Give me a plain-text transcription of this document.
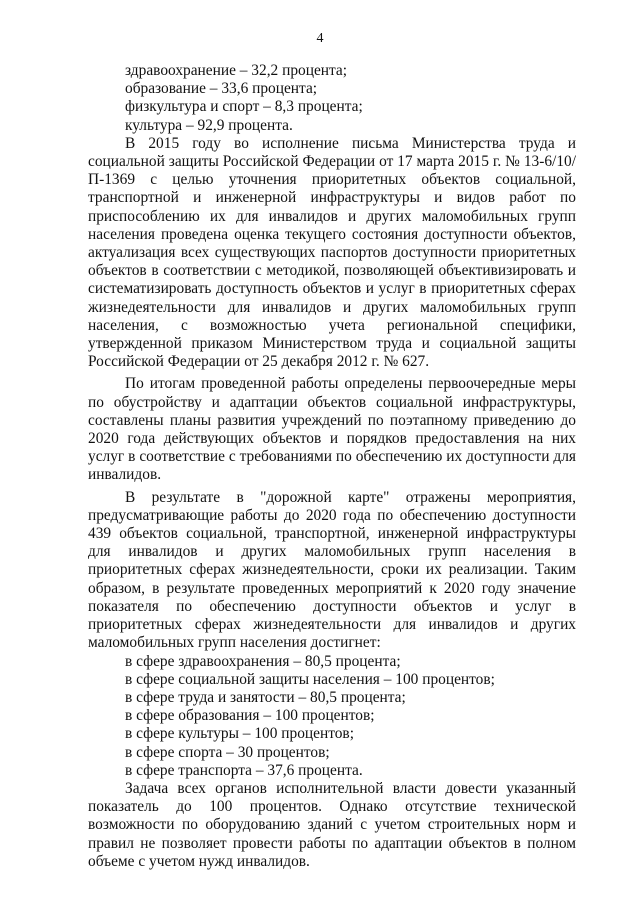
4
здравоохранение – 32,2 процента;
образование – 33,6 процента;
физкультура и спорт – 8,3 процента;
культура – 92,9 процента.

В 2015 году во исполнение письма Министерства труда и социальной защиты Российской Федерации от 17 марта 2015 г. № 13-6/10/П-1369 с целью уточнения приоритетных объектов социальной, транспортной и инженерной инфраструктуры и видов работ по приспособлению их для инвалидов и других маломобильных групп населения проведена оценка текущего состояния доступности объектов, актуализация всех существующих паспортов доступности приоритетных объектов в соответствии с методикой, позволяющей объективизировать и систематизировать доступность объектов и услуг в приоритетных сферах жизнедеятельности для инвалидов и других маломобильных групп населения, с возможностью учета региональной специфики, утвержденной приказом Министерством труда и социальной защиты Российской Федерации от 25 декабря 2012 г. № 627.

По итогам проведенной работы определены первоочередные меры по обустройству и адаптации объектов социальной инфраструктуры, составлены планы развития учреждений по поэтапному приведению до 2020 года действующих объектов и порядков предоставления на них услуг в соответствие с требованиями по обеспечению их доступности для инвалидов.

В результате в "дорожной карте" отражены мероприятия, предусматривающие работы до 2020 года по обеспечению доступности 439 объектов социальной, транспортной, инженерной инфраструктуры для инвалидов и других маломобильных групп населения в приоритетных сферах жизнедеятельности, сроки их реализации. Таким образом, в результате проведенных мероприятий к 2020 году значение показателя по обеспечению доступности объектов и услуг в приоритетных сферах жизнедеятельности для инвалидов и других маломобильных групп населения достигнет:

в сфере здравоохранения – 80,5 процента;
в сфере социальной защиты населения – 100 процентов;
в сфере труда и занятости – 80,5 процента;
в сфере образования – 100 процентов;
в сфере культуры – 100 процентов;
в сфере спорта – 30 процентов;
в сфере транспорта – 37,6 процента.

Задача всех органов исполнительной власти довести указанный показатель до 100 процентов. Однако отсутствие технической возможности по оборудованию зданий с учетом строительных норм и правил не позволяет провести работы по адаптации объектов в полном объеме с учетом нужд инвалидов.
